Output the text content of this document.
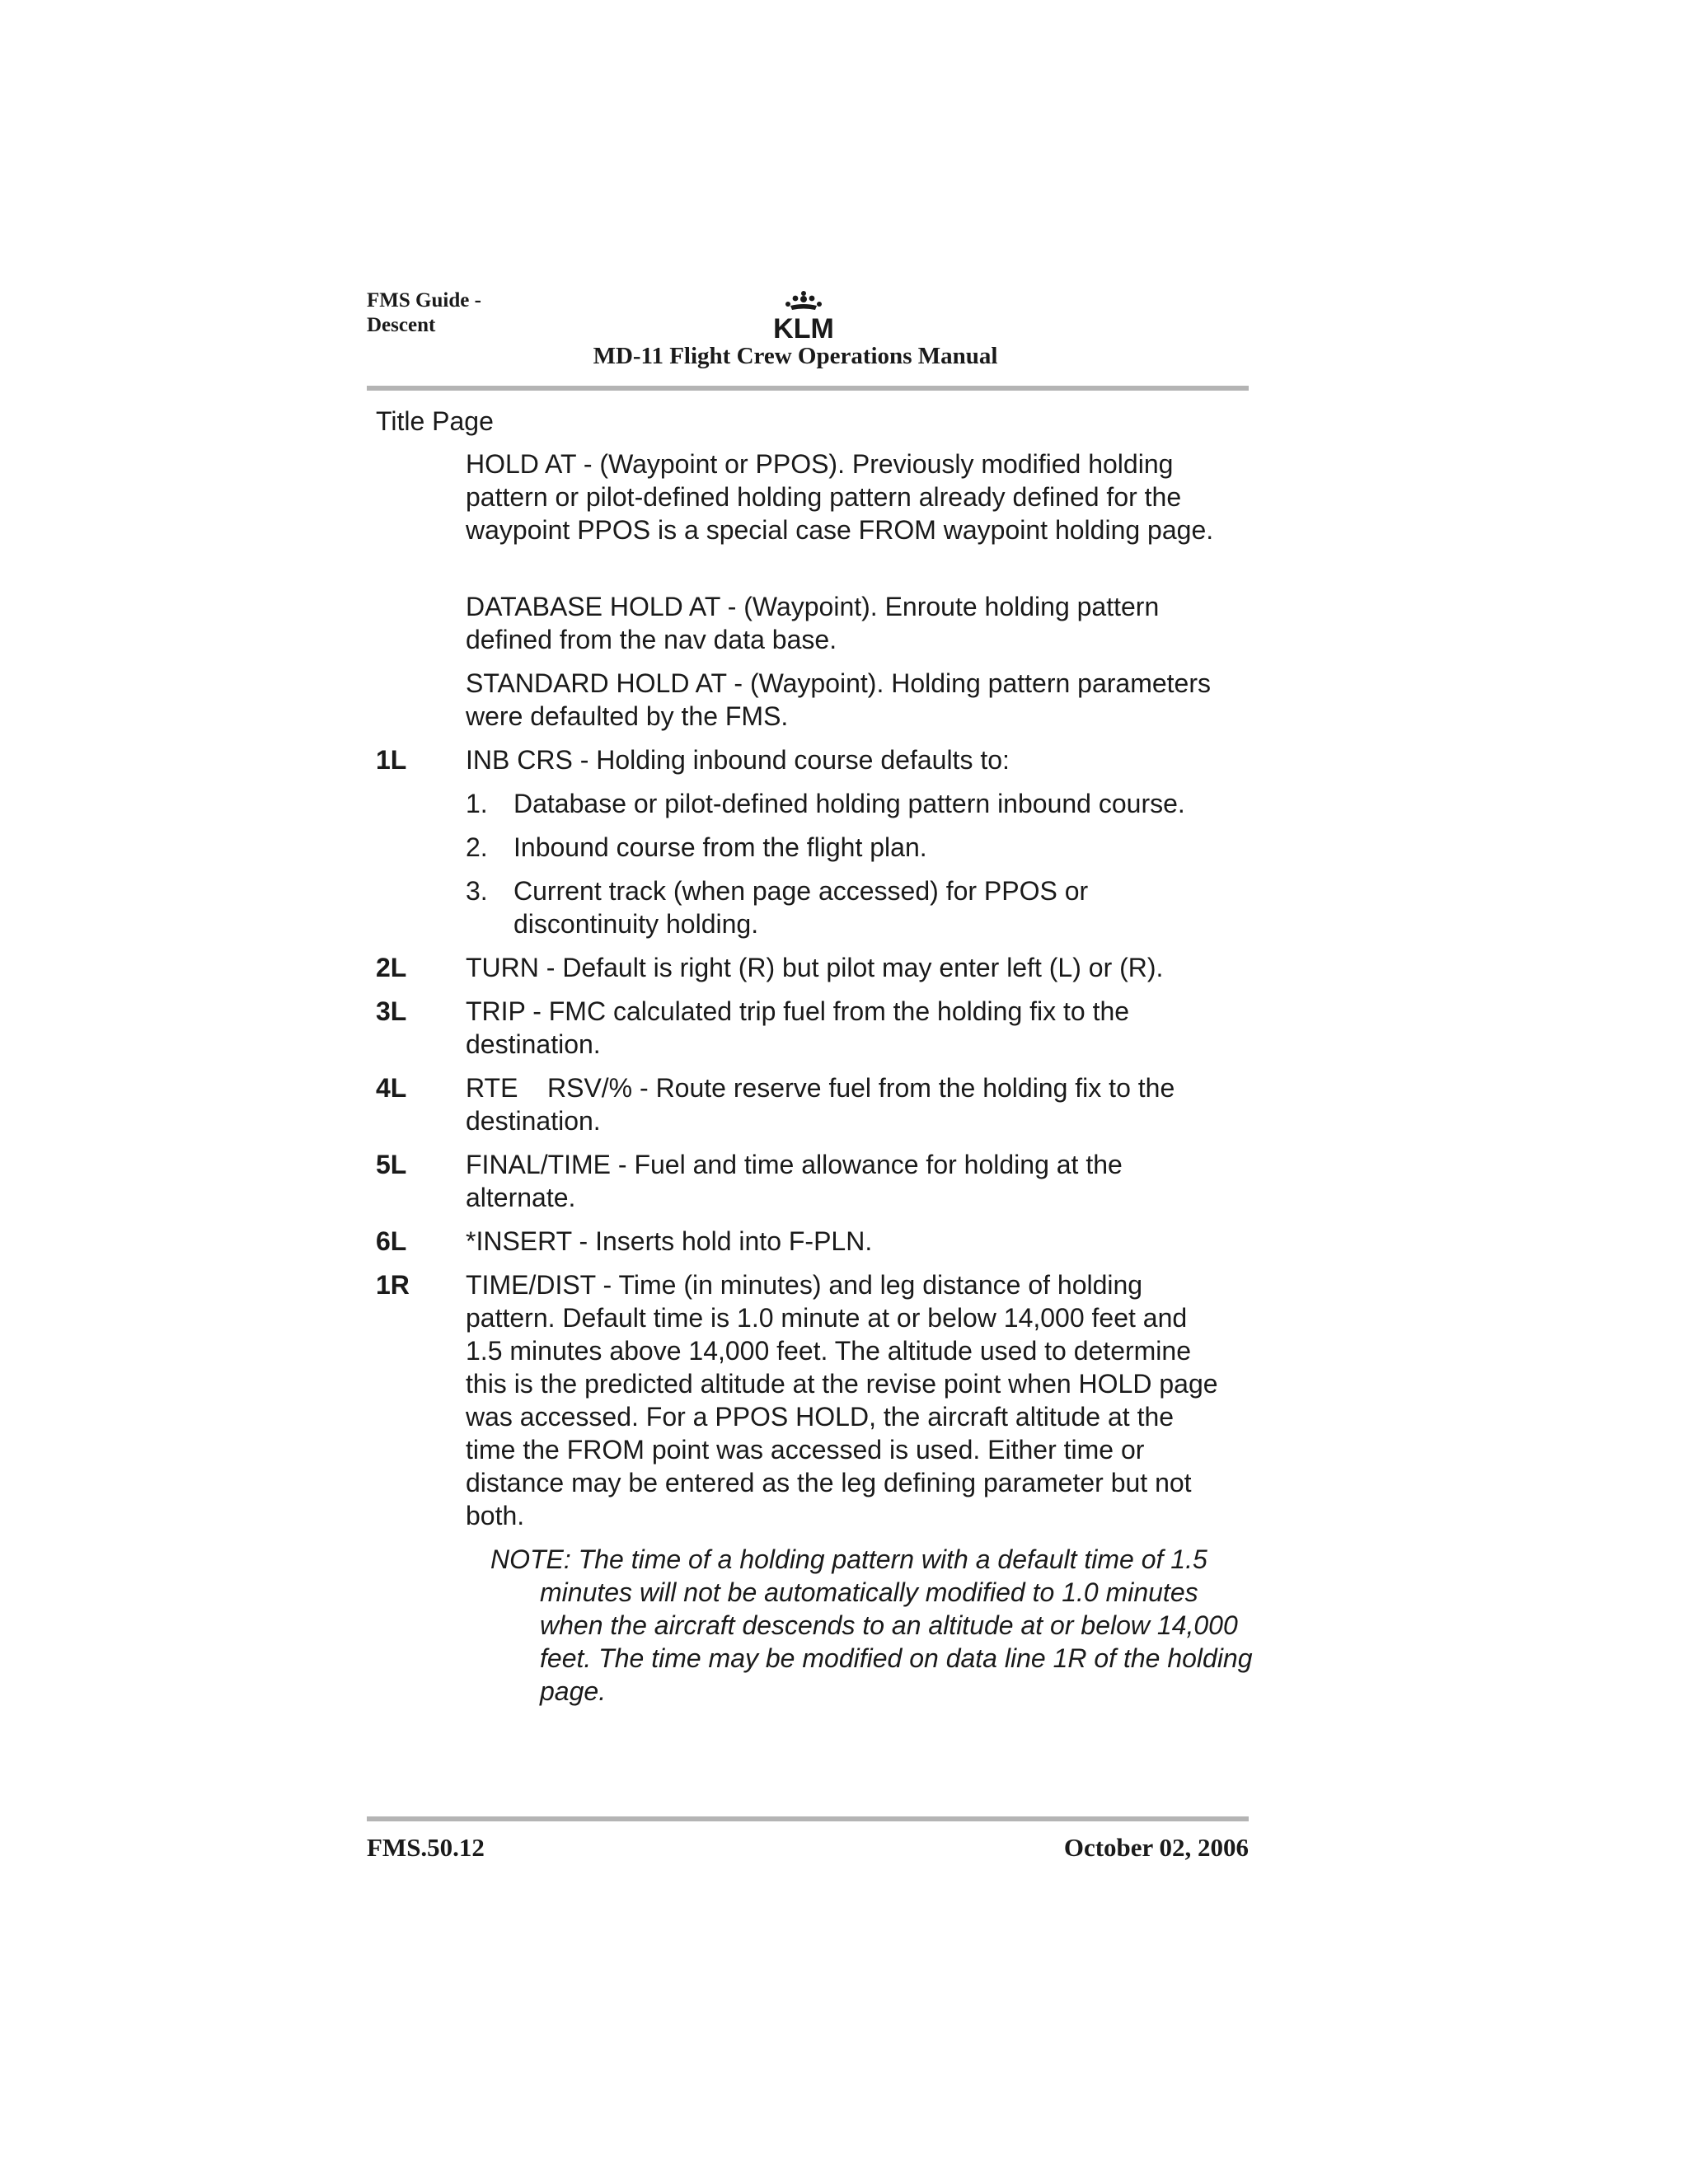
FMS Guide -
Descent	KLM
MD-11 Flight Crew Operations Manual
Title Page

HOLD AT - (Waypoint or PPOS). Previously modified holding pattern or pilot-defined holding pattern already defined for the waypoint PPOS is a special case FROM waypoint holding page.

DATABASE HOLD AT - (Waypoint). Enroute holding pattern defined from the nav data base.

STANDARD HOLD AT - (Waypoint). Holding pattern parameters were defaulted by the FMS.

1L INB CRS - Holding inbound course defaults to:
1. Database or pilot-defined holding pattern inbound course.
2. Inbound course from the flight plan.
3. Current track (when page accessed) for PPOS or discontinuity holding.
2L TURN - Default is right (R) but pilot may enter left (L) or (R).
3L TRIP - FMC calculated trip fuel from the holding fix to the destination.
4L RTE    RSV/% - Route reserve fuel from the holding fix to the destination.
5L FINAL/TIME - Fuel and time allowance for holding at the alternate.
6L *INSERT - Inserts hold into F-PLN.
1R TIME/DIST - Time (in minutes) and leg distance of holding pattern. Default time is 1.0 minute at or below 14,000 feet and 1.5 minutes above 14,000 feet. The altitude used to determine this is the predicted altitude at the revise point when HOLD page was accessed. For a PPOS HOLD, the aircraft altitude at the time the FROM point was accessed is used. Either time or distance may be entered as the leg defining parameter but not both.
NOTE: The time of a holding pattern with a default time of 1.5 minutes will not be automatically modified to 1.0 minutes when the aircraft descends to an altitude at or below 14,000 feet. The time may be modified on data line 1R of the holding page.
FMS.50.12	October 02, 2006
